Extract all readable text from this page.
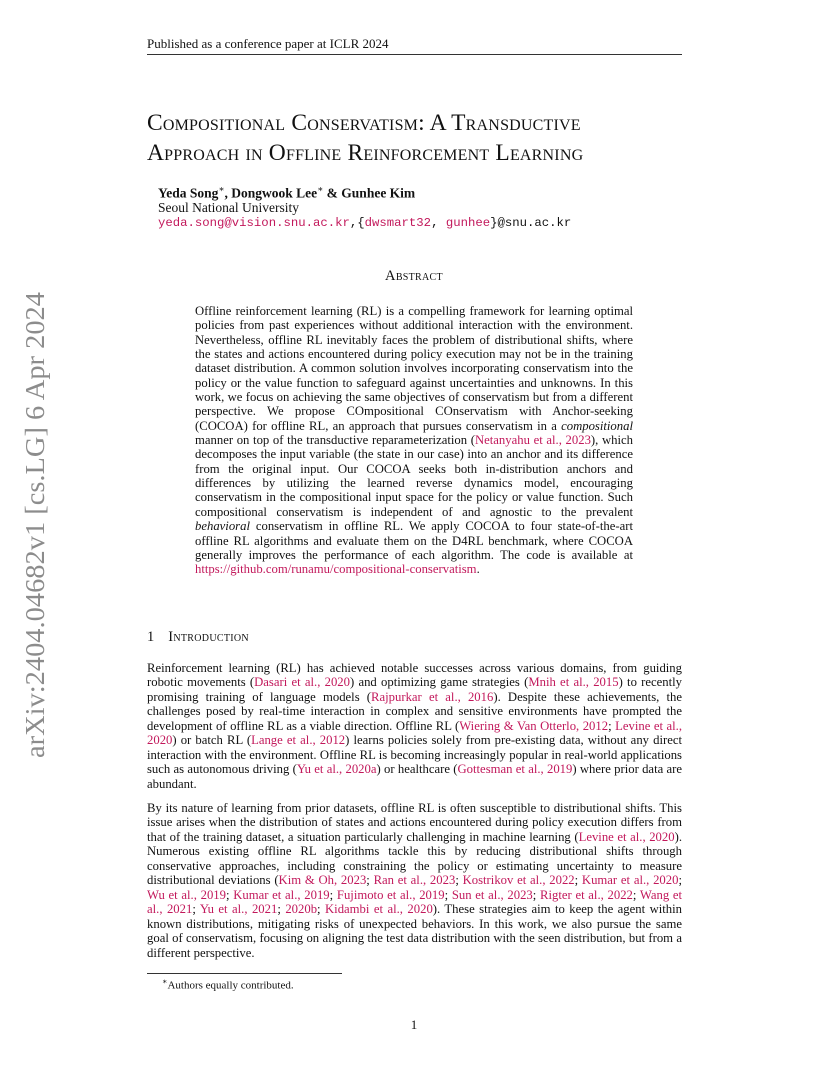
Published as a conference paper at ICLR 2024
arXiv:2404.04682v1 [cs.LG] 6 Apr 2024
Compositional Conservatism: A Transductive
Approach in Offline Reinforcement Learning
Yeda Song∗, Dongwook Lee∗ & Gunhee Kim
Seoul National University
yeda.song@vision.snu.ac.kr,{dwsmart32, gunhee}@snu.ac.kr
Abstract
Offline reinforcement learning (RL) is a compelling framework for learning optimal policies from past experiences without additional interaction with the environment. Nevertheless, offline RL inevitably faces the problem of distributional shifts, where the states and actions encountered during policy execution may not be in the training dataset distribution. A common solution involves incorporating conservatism into the policy or the value function to safeguard against uncertainties and unknowns. In this work, we focus on achieving the same objectives of conservatism but from a different perspective. We propose COmpositional COnservatism with Anchor-seeking (COCOA) for offline RL, an approach that pursues conservatism in a compositional manner on top of the transductive reparameterization (Netanyahu et al., 2023), which decomposes the input variable (the state in our case) into an anchor and its difference from the original input. Our COCOA seeks both in-distribution anchors and differences by utilizing the learned reverse dynamics model, encouraging conservatism in the compositional input space for the policy or value function. Such compositional conservatism is independent of and agnostic to the prevalent behavioral conservatism in offline RL. We apply COCOA to four state-of-the-art offline RL algorithms and evaluate them on the D4RL benchmark, where COCOA generally improves the performance of each algorithm. The code is available at https://github.com/runamu/compositional-conservatism.
1 Introduction
Reinforcement learning (RL) has achieved notable successes across various domains, from guiding robotic movements (Dasari et al., 2020) and optimizing game strategies (Mnih et al., 2015) to recently promising training of language models (Rajpurkar et al., 2016). Despite these achievements, the challenges posed by real-time interaction in complex and sensitive environments have prompted the development of offline RL as a viable direction. Offline RL (Wiering & Van Otterlo, 2012; Levine et al., 2020) or batch RL (Lange et al., 2012) learns policies solely from pre-existing data, without any direct interaction with the environment. Offline RL is becoming increasingly popular in real-world applications such as autonomous driving (Yu et al., 2020a) or healthcare (Gottesman et al., 2019) where prior data are abundant.
By its nature of learning from prior datasets, offline RL is often susceptible to distributional shifts. This issue arises when the distribution of states and actions encountered during policy execution differs from that of the training dataset, a situation particularly challenging in machine learning (Levine et al., 2020). Numerous existing offline RL algorithms tackle this by reducing distributional shifts through conservative approaches, including constraining the policy or estimating uncertainty to measure distributional deviations (Kim & Oh, 2023; Ran et al., 2023; Kostrikov et al., 2022; Kumar et al., 2020; Wu et al., 2019; Kumar et al., 2019; Fujimoto et al., 2019; Sun et al., 2023; Rigter et al., 2022; Wang et al., 2021; Yu et al., 2021; 2020b; Kidambi et al., 2020). These strategies aim to keep the agent within known distributions, mitigating risks of unexpected behaviors. In this work, we also pursue the same goal of conservatism, focusing on aligning the test data distribution with the seen distribution, but from a different perspective.
∗Authors equally contributed.
1
